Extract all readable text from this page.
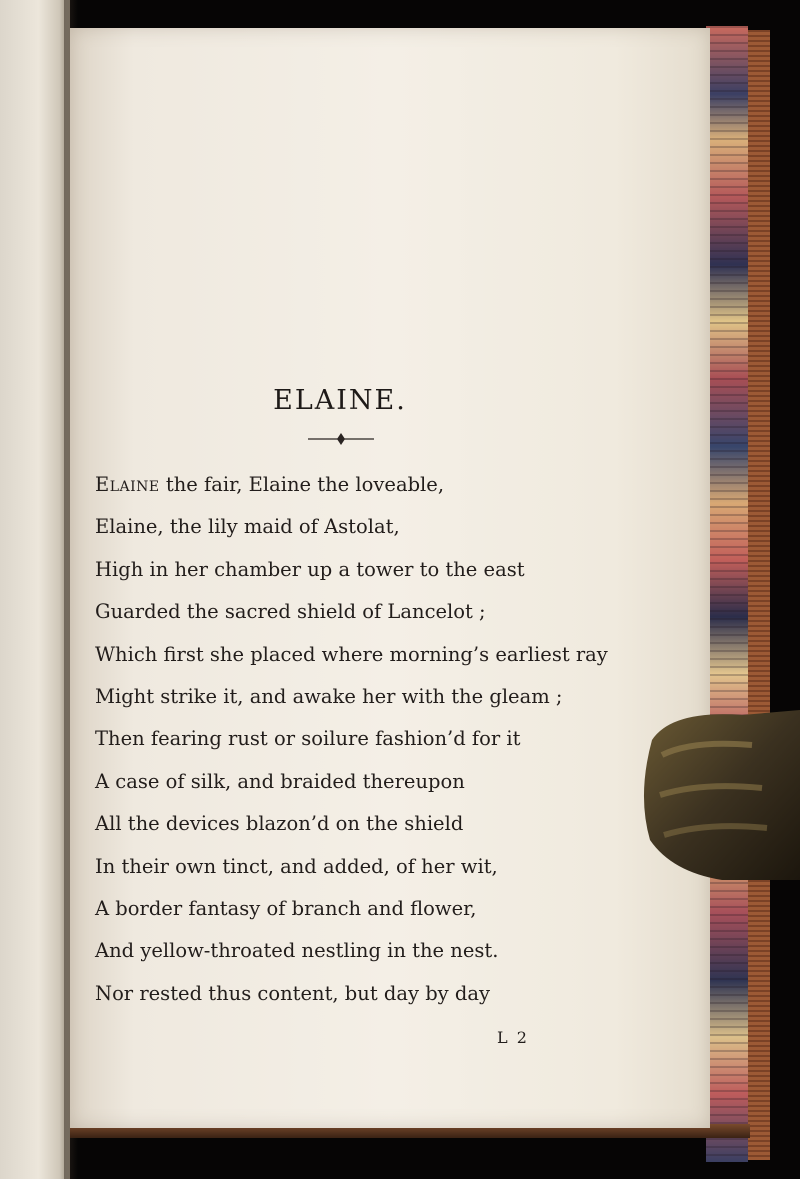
ELAINE.
Elaine the fair, Elaine the loveable,
Elaine, the lily maid of Astolat,
High in her chamber up a tower to the east
Guarded the sacred shield of Lancelot ;
Which first she placed where morning’s earliest ray
Might strike it, and awake her with the gleam ;
Then fearing rust or soilure fashion’d for it
A case of silk, and braided thereupon
All the devices blazon’d on the shield
In their own tinct, and added, of her wit,
A border fantasy of branch and flower,
And yellow-throated nestling in the nest.
Nor rested thus content, but day by day
L 2
